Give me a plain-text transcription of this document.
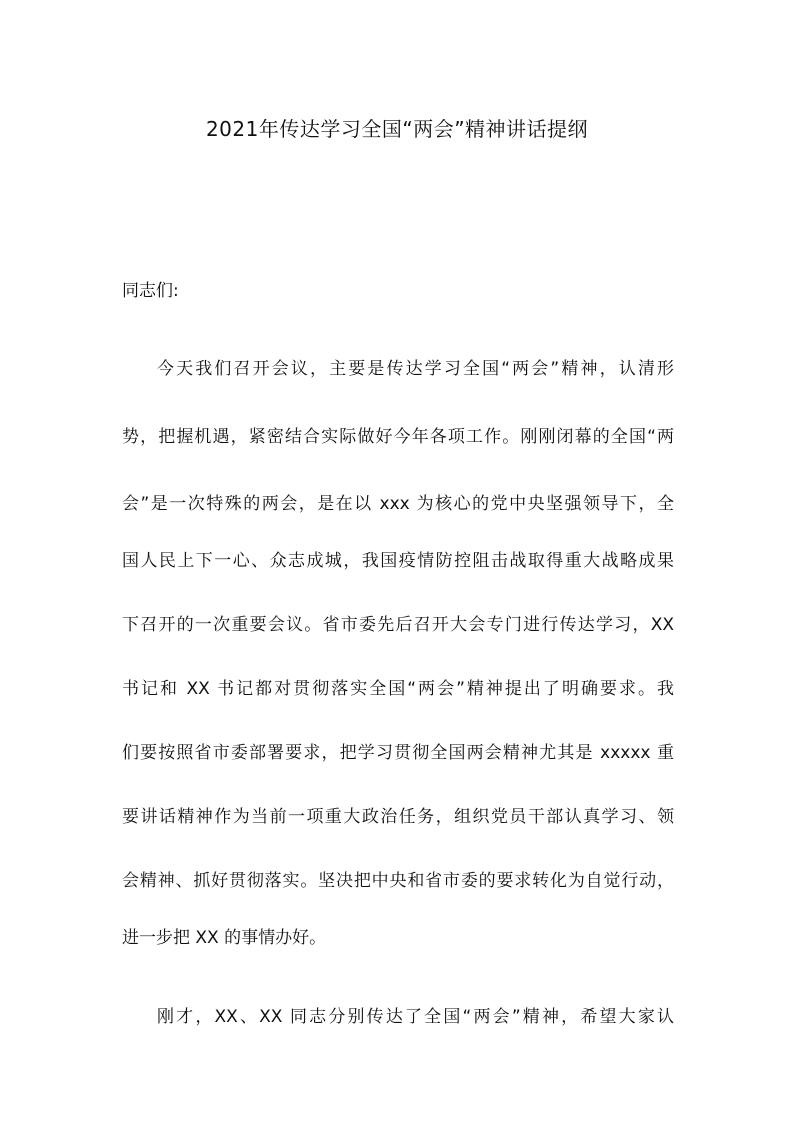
2021年传达学习全国“两会”精神讲话提纲

同志们:

今天我们召开会议，主要是传达学习全国“两会”精神，认清形

势，把握机遇，紧密结合实际做好今年各项工作。刚刚闭幕的全国“两

会”是一次特殊的两会，是在以 xxx 为核心的党中央坚强领导下，全

国人民上下一心、众志成城，我国疫情防控阻击战取得重大战略成果

下召开的一次重要会议。省市委先后召开大会专门进行传达学习，XX

书记和 XX 书记都对贯彻落实全国“两会”精神提出了明确要求。我

们要按照省市委部署要求，把学习贯彻全国两会精神尤其是 xxxxx 重

要讲话精神作为当前一项重大政治任务，组织党员干部认真学习、领

会精神、抓好贯彻落实。坚决把中央和省市委的要求转化为自觉行动，

进一步把 XX 的事情办好。

刚才，XX、XX 同志分别传达了全国“两会”精神，希望大家认
